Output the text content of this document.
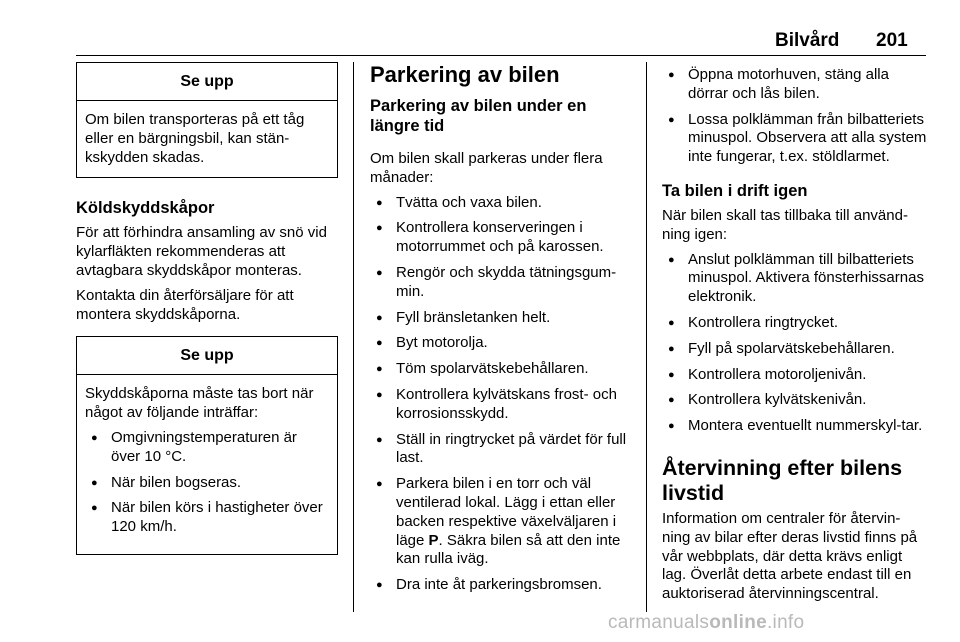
Bilvård 201
Se upp

Om bilen transporteras på ett tåg eller en bärgningsbil, kan stän-kskydden skadas.

Köldskyddskåpor

För att förhindra ansamling av snö vid kylarfläkten rekommenderas att avtagbara skyddskåpor monteras.

Kontakta din återförsäljare för att montera skyddskåporna.

Se upp

Skyddskåporna måste tas bort när något av följande inträffar:

● Omgivningstemperaturen är över 10 °C.
● När bilen bogseras.
● När bilen körs i hastigheter över 120 km/h.
Parkering av bilen
Parkering av bilen under en längre tid

Om bilen skall parkeras under flera månader:

● Tvätta och vaxa bilen.
● Kontrollera konserveringen i motorrummet och på karossen.
● Rengör och skydda tätningsgum-min.
● Fyll bränsletanken helt.
● Byt motorolja.
● Töm spolarvätskebehållaren.
● Kontrollera kylvätskans frost- och korrosionsskydd.
● Ställ in ringtrycket på värdet för full last.
● Parkera bilen i en torr och väl ventilerad lokal. Lägg i ettan eller backen respektive växelväljaren i läge P. Säkra bilen så att den inte kan rulla iväg.
● Dra inte åt parkeringsbromsen.
● Öppna motorhuven, stäng alla dörrar och lås bilen.
● Lossa polklämman från bilbatteriets minuspol. Observera att alla system inte fungerar, t.ex. stöldlarmet.
Ta bilen i drift igen

När bilen skall tas tillbaka till använd-ning igen:

● Anslut polklämman till bilbatteriets minuspol. Aktivera fönsterhissarnas elektronik.
● Kontrollera ringtrycket.
● Fyll på spolarvätskebehållaren.
● Kontrollera motoroljenivån.
● Kontrollera kylvätskenivån.
● Montera eventuellt nummerskyl-tar.
Återvinning efter bilens livstid

Information om centraler för återvin-ning av bilar efter deras livstid finns på vår webbplats, där detta krävs enligt lag. Överlåt detta arbete endast till en auktoriserad återvinningscentral.

carmanualsonline.info
